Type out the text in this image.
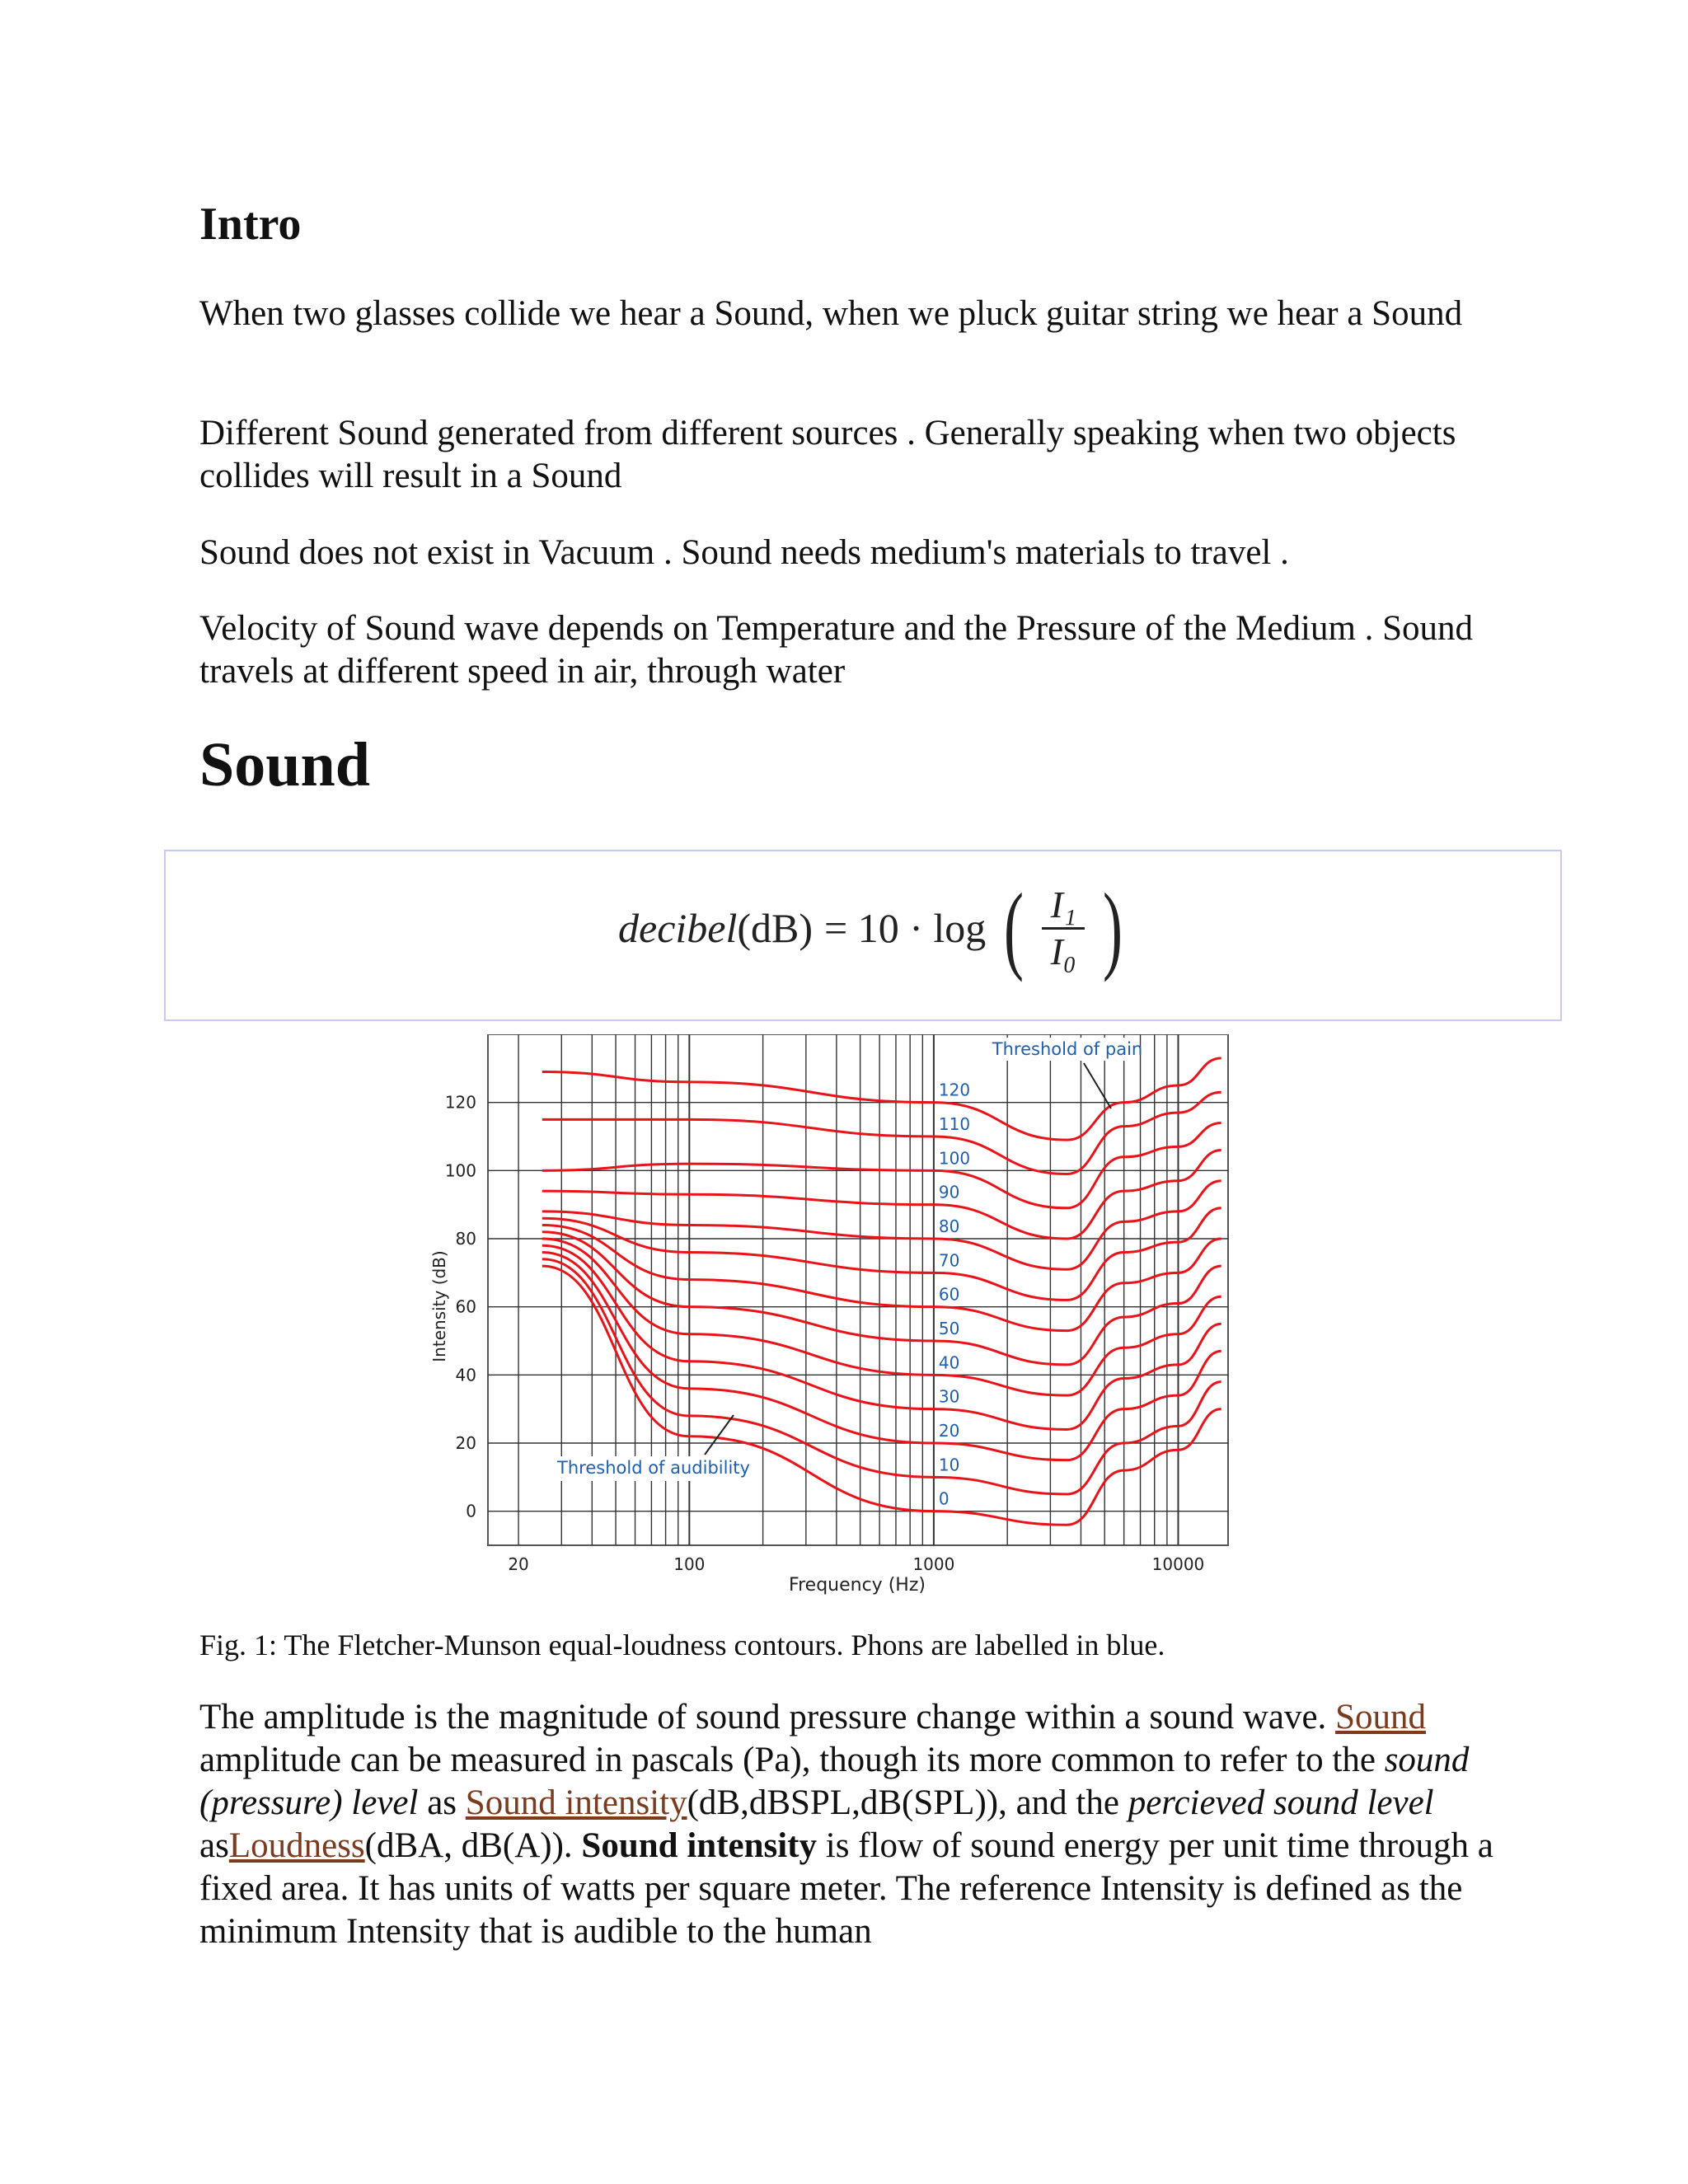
Intro

When two glasses collide we hear a Sound, when we pluck guitar string we hear a Sound

Different Sound generated from different sources . Generally speaking when two objects collides will result in a Sound

Sound does not exist in Vacuum . Sound needs medium's materials to travel .

Velocity of Sound wave depends on Temperature and the Pressure of the Medium . Sound travels at different speed in air, through water

Sound
decibel(dB) = 10 · log ( $\frac{\text{I₁}}{\text{I₀}}$ )
0
20
40
60
80
100
120
20	100	1000	10000
120
110
100
90
80
70
60
50
40
30
20
10
0
Frequency (Hz)
Intensity (dB)
Threshold of pain
Threshold of audibility

Fig. 1: The Fletcher-Munson equal-loudness contours. Phons are labelled in blue.

The amplitude is the magnitude of sound pressure change within a sound wave. Sound amplitude can be measured in pascals (Pa), though its more common to refer to the sound (pressure) level as Sound intensity(dB,dBSPL,dB(SPL)), and the percieved sound level asLoudness(dBA, dB(A)). Sound intensity is flow of sound energy per unit time through a fixed area. It has units of watts per square meter. The reference Intensity is defined as the minimum Intensity that is audible to the human
